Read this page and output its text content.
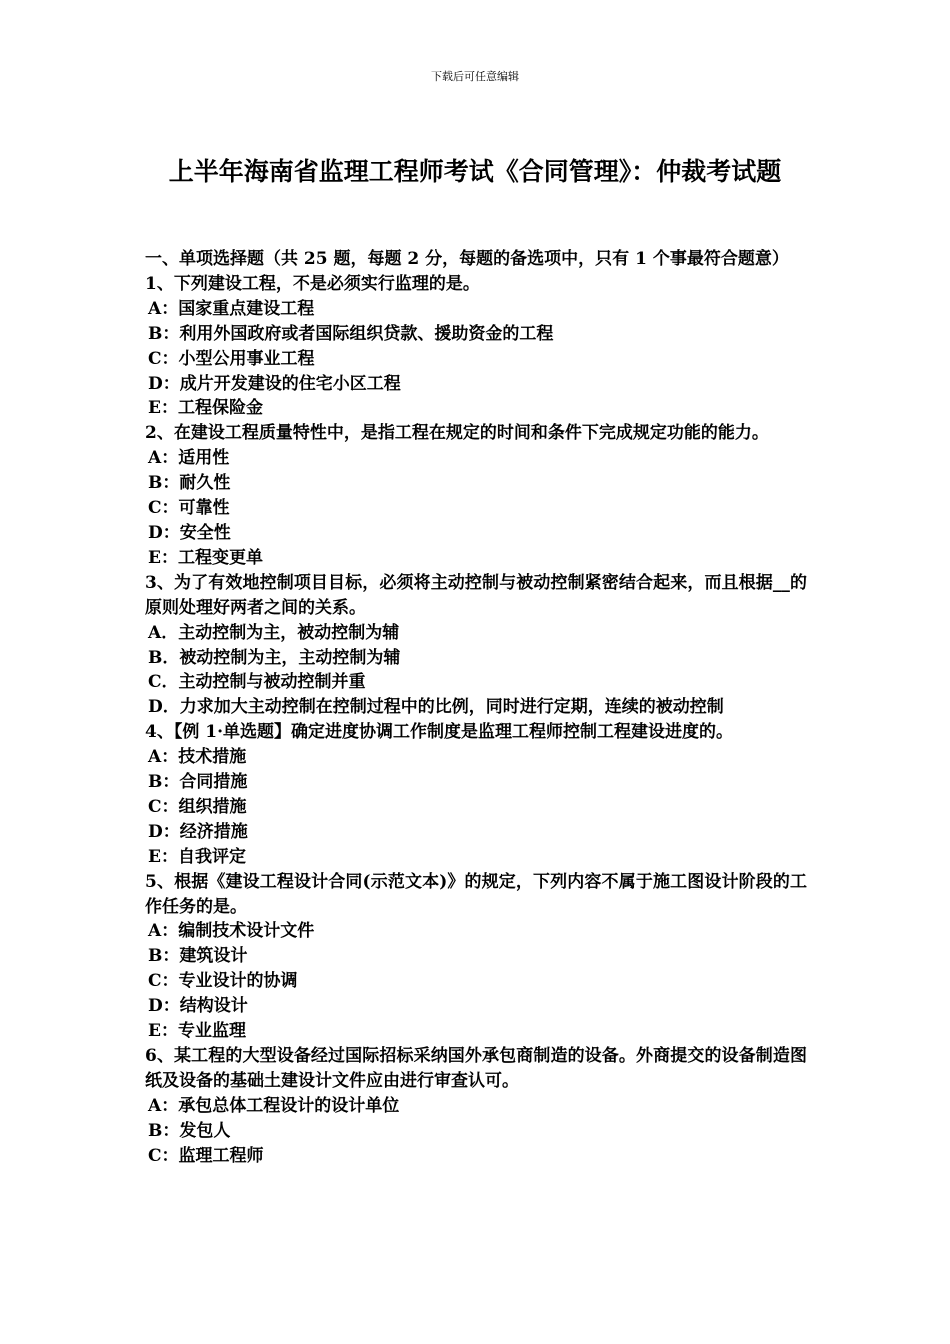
下载后可任意编辑
上半年海南省监理工程师考试《合同管理》：仲裁考试题

一、单项选择题（共 25 题，每题 2 分，每题的备选项中，只有 1 个事最符合题意）

1、下列建设工程，不是必须实行监理的是。

A：国家重点建设工程

B：利用外国政府或者国际组织贷款、援助资金的工程

C：小型公用事业工程

D：成片开发建设的住宅小区工程

E：工程保险金

2、在建设工程质量特性中，是指工程在规定的时间和条件下完成规定功能的能力。

A：适用性

B：耐久性

C：可靠性

D：安全性

E：工程变更单

3、为了有效地控制项目目标，必须将主动控制与被动控制紧密结合起来，而且根据__的原则处理好两者之间的关系。

A．主动控制为主，被动控制为辅

B．被动控制为主，主动控制为辅

C．主动控制与被动控制并重

D．力求加大主动控制在控制过程中的比例，同时进行定期，连续的被动控制

4、【例 1·单选题】确定进度协调工作制度是监理工程师控制工程建设进度的。

A：技术措施

B：合同措施

C：组织措施

D：经济措施

E：自我评定

5、根据《建设工程设计合同(示范文本)》的规定，下列内容不属于施工图设计阶段的工作任务的是。

A：编制技术设计文件

B：建筑设计

C：专业设计的协调

D：结构设计

E：专业监理

6、某工程的大型设备经过国际招标采纳国外承包商制造的设备。外商提交的设备制造图纸及设备的基础土建设计文件应由进行审查认可。

A：承包总体工程设计的设计单位

B：发包人

C：监理工程师
